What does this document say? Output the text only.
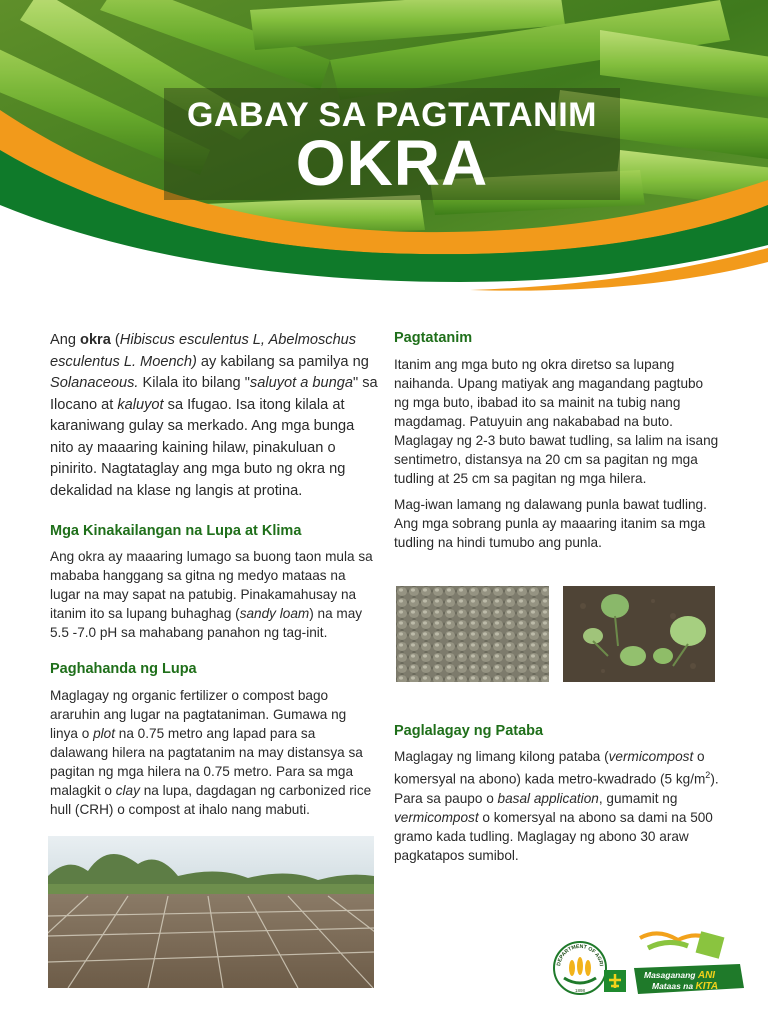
GABAY SA PAGTATANIM
OKRA

Ang okra (Hibiscus esculentus L, Abelmoschus esculentus L. Moench) ay kabilang sa pamilya ng Solanaceous. Kilala ito bilang "saluyot a bunga" sa Ilocano at kaluyot sa Ifugao. Isa itong kilala at karaniwang gulay sa merkado. Ang mga bunga nito ay maaaring kaining hilaw, pinakuluan o pinirito. Nagtataglay ang mga buto ng okra ng dekalidad na klase ng langis at protina.

Mga Kinakailangan na Lupa at Klima

Ang okra ay maaaring lumago sa buong taon mula sa mababa hanggang sa gitna ng medyo mataas na lugar na may sapat na patubig. Pinakamahusay na itanim ito sa lupang buhaghag (sandy loam) na may 5.5 -7.0 pH sa mahabang panahon ng tag-init.

Paghahanda ng Lupa

Maglagay ng organic fertilizer o compost bago araruhin ang lugar na pagtataniman. Gumawa ng linya o plot na 0.75 metro ang lapad para sa dalawang hilera na pagtatanim na may distansya sa pagitan ng mga hilera na 0.75 metro. Para sa mga malagkit o clay na lupa, dagdagan ng carbonized rice hull (CRH) o compost at ihalo nang mabuti.

Pagtatanim

Itanim ang mga buto ng okra diretso sa lupang naihanda. Upang matiyak ang magandang pagtubo ng mga buto, ibabad ito sa mainit na tubig nang magdamag. Patuyuin ang nakababad na buto. Maglagay ng 2-3 buto bawat tudling, sa lalim na isang sentimetro, distansya na 20 cm sa pagitan ng mga tudling at 25 cm sa pagitan ng mga hilera.

Mag-iwan lamang ng dalawang punla bawat tudling. Ang mga sobrang punla ay maaaring itanim sa mga tudling na hindi tumubo ang punla.

Paglalagay ng Pataba

Maglagay ng limang kilong pataba (vermicompost o komersyal na abono) kada metro-kwadrado (5 $kg/m^2$). Para sa paupo o basal application, gumamit ng vermicompost o komersyal na abono sa dami na 500 gramo kada tudling. Maglagay ng abono 30 araw pagkatapos sumibol.

DEPARTMENT OF AGRI
1898
Masaganang ANI
Mataas na KITA
